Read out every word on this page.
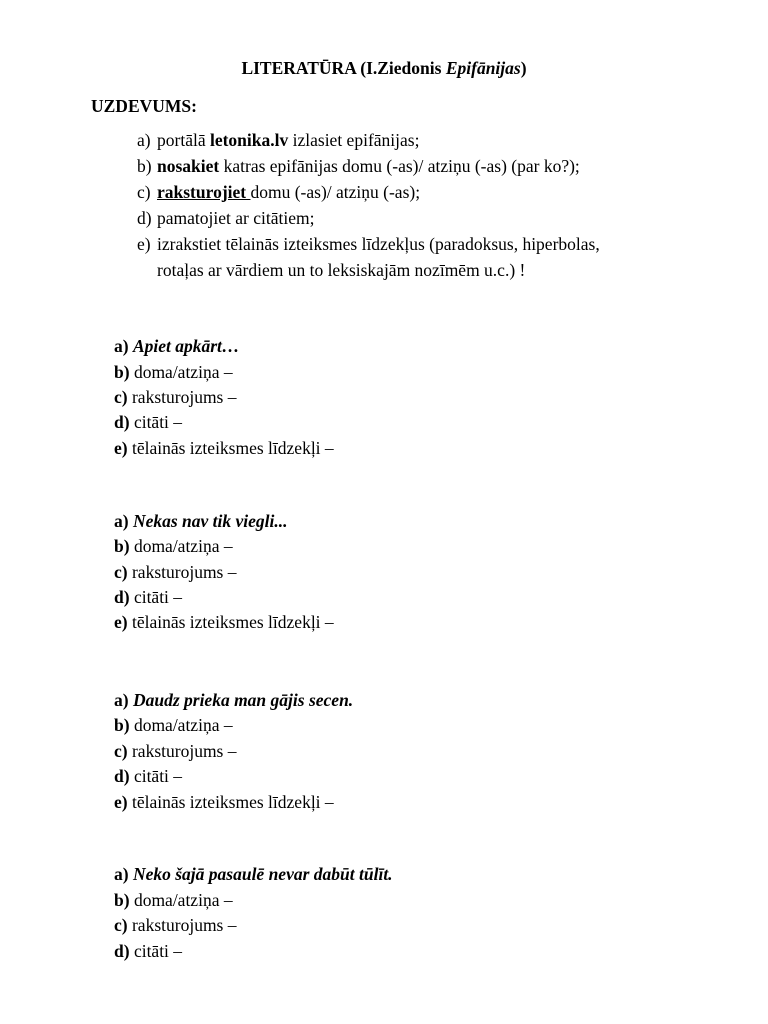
LITERATŪRA (I.Ziedonis Epifānijas)
UZDEVUMS:
a) portālā letonika.lv izlasiet epifānijas;
b) nosakiet katras epifānijas domu (-as)/ atziņu (-as) (par ko?);
c) raksturojiet domu (-as)/ atziņu (-as);
d) pamatojiet ar citātiem;
e) izrakstiet tēlainās izteiksmes līdzekļus (paradoksus, hiperbolas,
rotaļas ar vārdiem un to leksiskajām nozīmēm u.c.) !
a) Apiet apkārt…
b) doma/atziņa –
c) raksturojums –
d) citāti –
e) tēlainās izteiksmes līdzekļi –
a) Nekas nav tik viegli...
b) doma/atziņa –
c) raksturojums –
d) citāti –
e) tēlainās izteiksmes līdzekļi –
a) Daudz prieka man gājis secen.
b) doma/atziņa –
c) raksturojums –
d) citāti –
e) tēlainās izteiksmes līdzekļi –
a) Neko šajā pasaulē nevar dabūt tūlīt.
b) doma/atziņa –
c) raksturojums –
d) citāti –
